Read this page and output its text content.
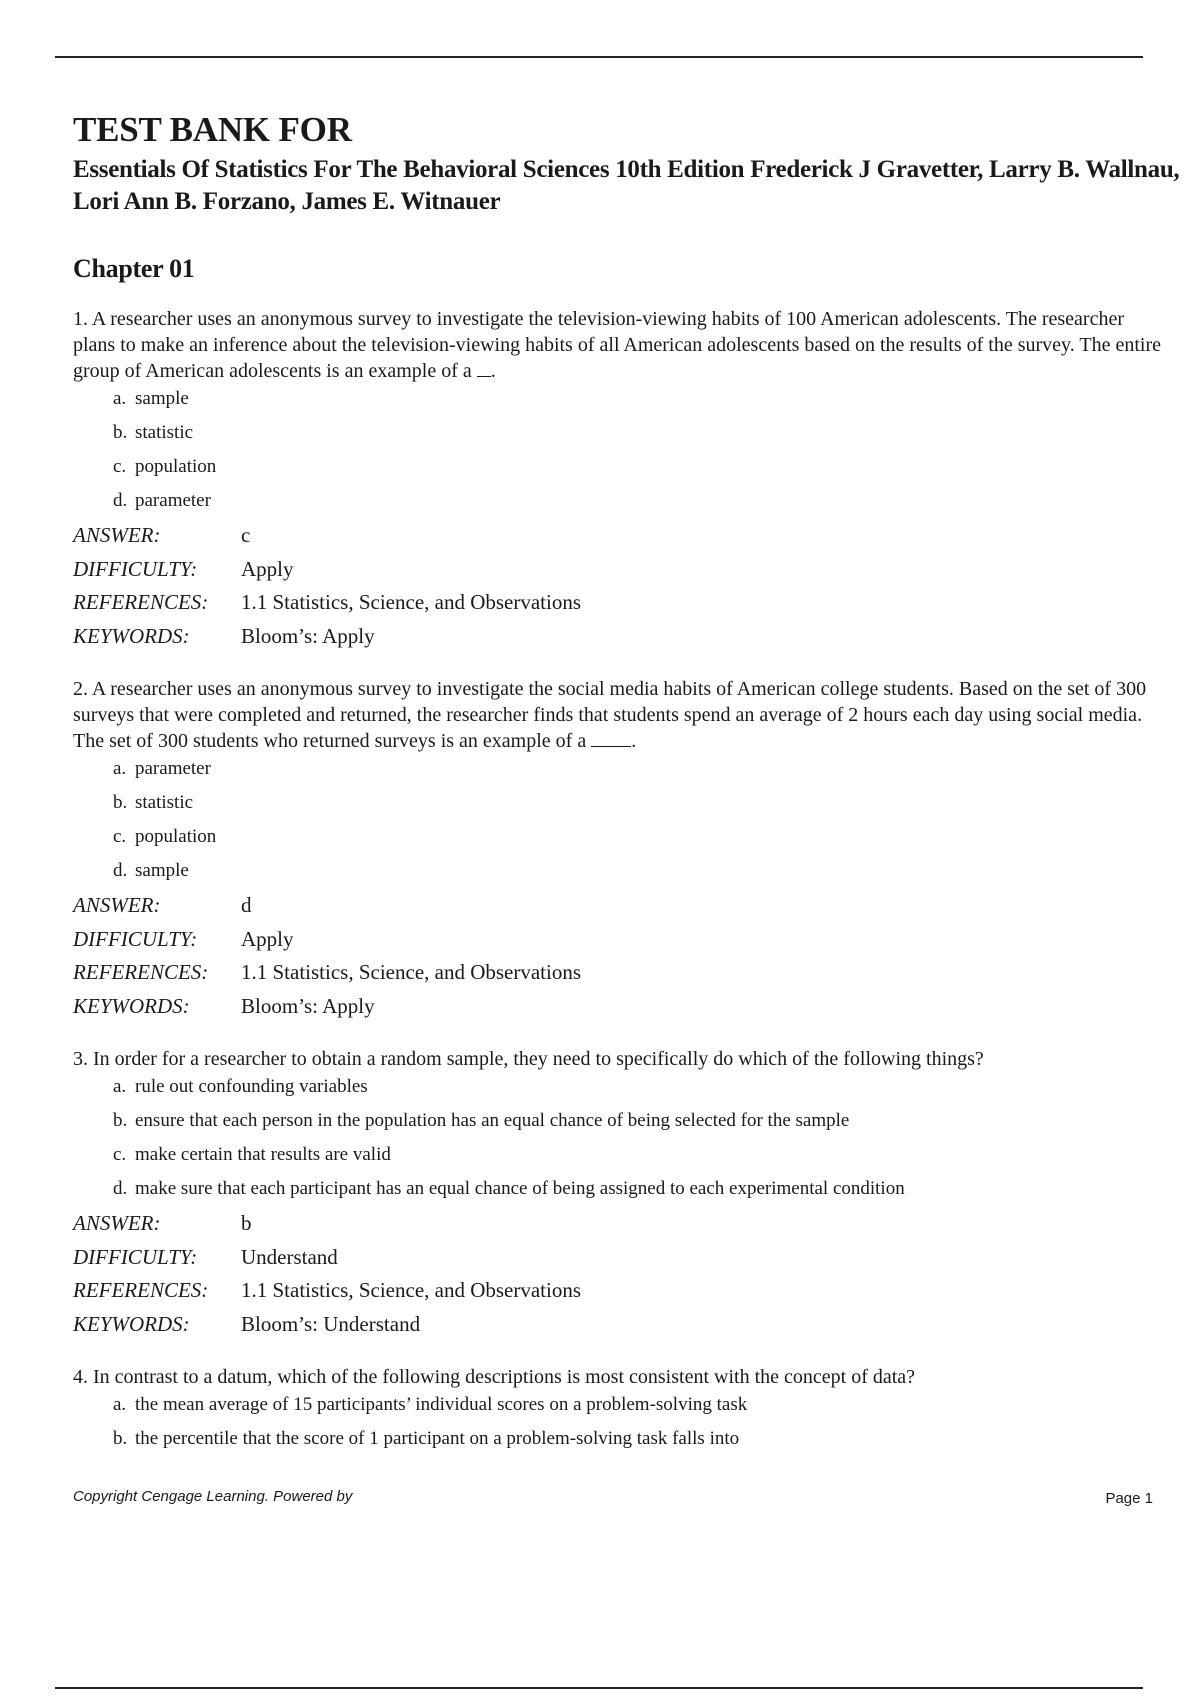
TEST BANK FOR
Essentials Of Statistics For The Behavioral Sciences 10th Edition Frederick J Gravetter, Larry B. Wallnau, Lori Ann B. Forzano, James E. Witnauer
Chapter 01

1. A researcher uses an anonymous survey to investigate the television-viewing habits of 100 American adolescents. The researcher plans to make an inference about the television-viewing habits of all American adolescents based on the results of the survey. The entire group of American adolescents is an example of a .

a. sample
b. statistic
c. population
d. parameter
ANSWER:	c
DIFFICULTY:	Apply
REFERENCES:	1.1 Statistics, Science, and Observations
KEYWORDS:	Bloom’s: Apply

2. A researcher uses an anonymous survey to investigate the social media habits of American college students. Based on the set of 300 surveys that were completed and returned, the researcher finds that students spend an average of 2 hours each day using social media. The set of 300 students who returned surveys is an example of a .

a. parameter
b. statistic
c. population
d. sample
ANSWER:	d
DIFFICULTY:	Apply
REFERENCES:	1.1 Statistics, Science, and Observations
KEYWORDS:	Bloom’s: Apply

3. In order for a researcher to obtain a random sample, they need to specifically do which of the following things?

a. rule out confounding variables
b. ensure that each person in the population has an equal chance of being selected for the sample
c. make certain that results are valid
d. make sure that each participant has an equal chance of being assigned to each experimental condition
ANSWER:	b
DIFFICULTY:	Understand
REFERENCES:	1.1 Statistics, Science, and Observations
KEYWORDS:	Bloom’s: Understand

4. In contrast to a datum, which of the following descriptions is most consistent with the concept of data?

a. the mean average of 15 participants’ individual scores on a problem-solving task
b. the percentile that the score of 1 participant on a problem-solving task falls into
Copyright Cengage Learning. Powered by	Page 1
